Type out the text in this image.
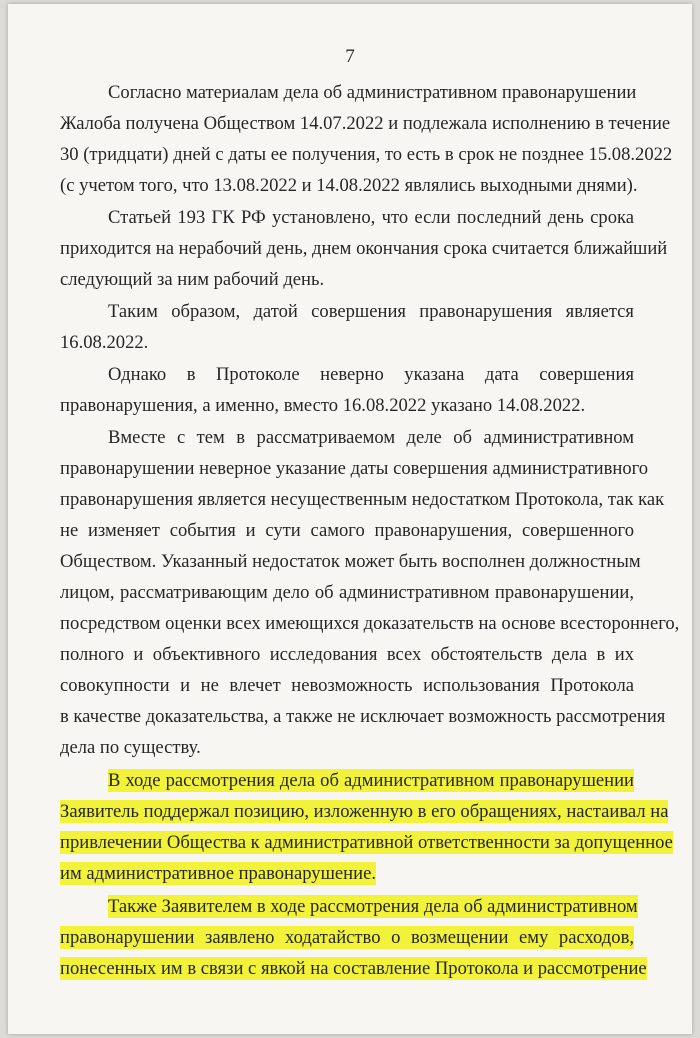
7
Согласно материалам дела об административном правонарушении
Жалоба получена Обществом 14.07.2022 и подлежала исполнению в течение
30 (тридцати) дней с даты ее получения, то есть в срок не позднее 15.08.2022
(с учетом того, что 13.08.2022 и 14.08.2022 являлись выходными днями).
Статьей 193 ГК РФ установлено, что если последний день срока
приходится на нерабочий день, днем окончания срока считается ближайший
следующий за ним рабочий день.
Таким образом, датой совершения правонарушения является
16.08.2022.
Однако в Протоколе неверно указана дата совершения
правонарушения, а именно, вместо 16.08.2022 указано 14.08.2022.
Вместе с тем в рассматриваемом деле об административном
правонарушении неверное указание даты совершения административного
правонарушения является несущественным недостатком Протокола, так как
не изменяет события и сути самого правонарушения, совершенного
Обществом. Указанный недостаток может быть восполнен должностным
лицом, рассматривающим дело об административном правонарушении,
посредством оценки всех имеющихся доказательств на основе всестороннего,
полного и объективного исследования всех обстоятельств дела в их
совокупности и не влечет невозможность использования Протокола
в качестве доказательства, а также не исключает возможность рассмотрения
дела по существу.
В ходе рассмотрения дела об административном правонарушении
Заявитель поддержал позицию, изложенную в его обращениях, настаивал на
привлечении Общества к административной ответственности за допущенное
им административное правонарушение.
Также Заявителем в ходе рассмотрения дела об административном
правонарушении заявлено ходатайство о возмещении ему расходов,
понесенных им в связи с явкой на составление Протокола и рассмотрение
